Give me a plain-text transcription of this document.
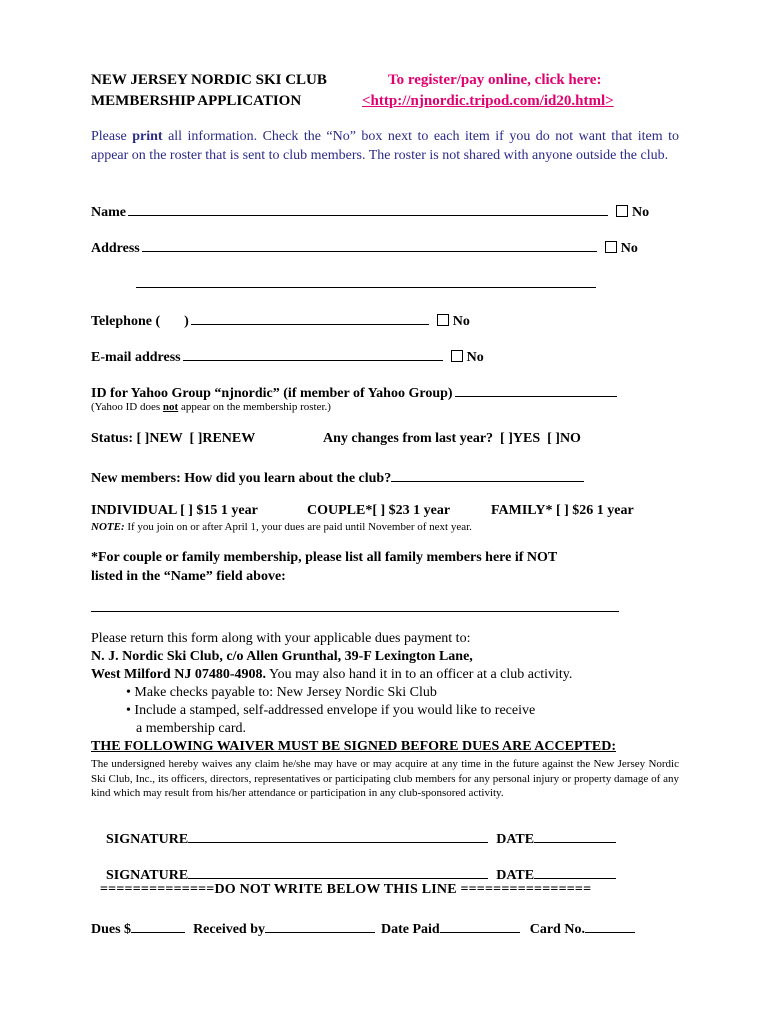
NEW JERSEY NORDIC SKI CLUB
MEMBERSHIP APPLICATION
To register/pay online, click here:
<http://njnordic.tripod.com/id20.html>
Please print all information. Check the “No” box next to each item if you do not want that item to appear on the roster that is sent to club members. The roster is not shared with anyone outside the club.
Name	No
Address	No
Telephone ( )	No
E-mail address	No
ID for Yahoo Group “njnordic” (if member of Yahoo Group)
(Yahoo ID does not appear on the membership roster.)
Status: [ ]NEW  [ ]RENEW	Any changes from last year?  [ ]YES  [ ]NO
New members: How did you learn about the club?
INDIVIDUAL [ ] $15 1 year	COUPLE*[ ] $23 1 year	FAMILY* [ ] $26 1 year
NOTE: If you join on or after April 1, your dues are paid until November of next year.
*For couple or family membership, please list all family members here if NOT
listed in the “Name” field above:
Please return this form along with your applicable dues payment to:
N. J. Nordic Ski Club, c/o Allen Grunthal, 39-F Lexington Lane,
West Milford NJ 07480-4908. You may also hand it in to an officer at a club activity.
• Make checks payable to: New Jersey Nordic Ski Club
• Include a stamped, self-addressed envelope if you would like to receive
a membership card.
THE FOLLOWING WAIVER MUST BE SIGNED BEFORE DUES ARE ACCEPTED:
The undersigned hereby waives any claim he/she may have or may acquire at any time in the future against the New Jersey Nordic Ski Club, Inc., its officers, directors, representatives or participating club members for any personal injury or property damage of any kind which may result from his/her attendance or participation in any club-sponsored activity.
SIGNATURE	DATE
SIGNATURE	DATE
==============DO NOT WRITE BELOW THIS LINE ================
Dues $	Received by	Date Paid	Card No.
